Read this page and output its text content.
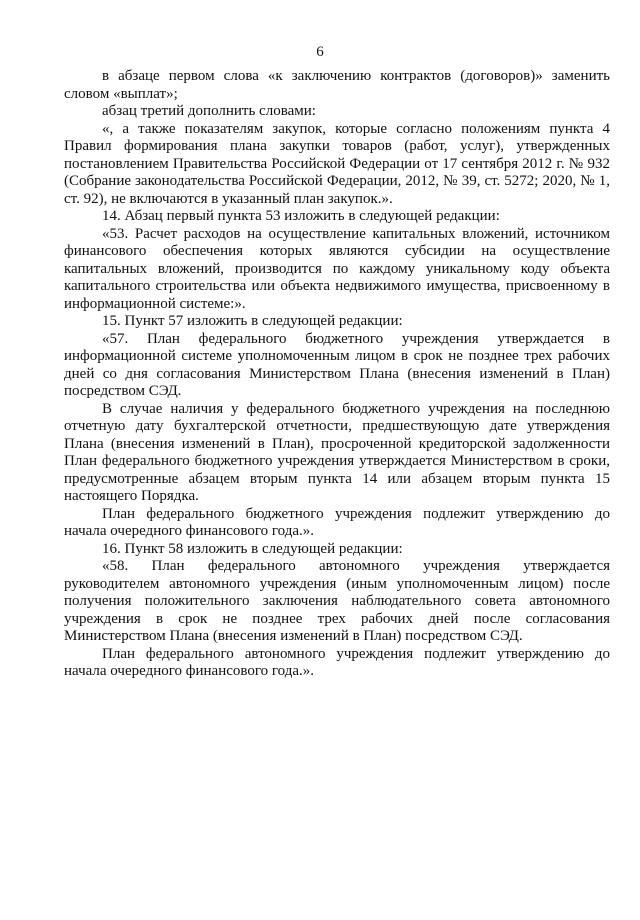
6

в абзаце первом слова «к заключению контрактов (договоров)» заменить словом «выплат»;

абзац третий дополнить словами:

«, а также показателям закупок, которые согласно положениям пункта 4 Правил формирования плана закупки товаров (работ, услуг), утвержденных постановлением Правительства Российской Федерации от 17 сентября 2012 г. № 932 (Собрание законодательства Российской Федерации, 2012, № 39, ст. 5272; 2020, № 1, ст. 92), не включаются в указанный план закупок.».

14. Абзац первый пункта 53 изложить в следующей редакции:

«53. Расчет расходов на осуществление капитальных вложений, источником финансового обеспечения которых являются субсидии на осуществление капитальных вложений, производится по каждому уникальному коду объекта капитального строительства или объекта недвижимого имущества, присвоенному в информационной системе:».

15. Пункт 57 изложить в следующей редакции:

«57. План федерального бюджетного учреждения утверждается в информационной системе уполномоченным лицом в срок не позднее трех рабочих дней со дня согласования Министерством Плана (внесения изменений в План) посредством СЭД.

В случае наличия у федерального бюджетного учреждения на последнюю отчетную дату бухгалтерской отчетности, предшествующую дате утверждения Плана (внесения изменений в План), просроченной кредиторской задолженности План федерального бюджетного учреждения утверждается Министерством в сроки, предусмотренные абзацем вторым пункта 14 или абзацем вторым пункта 15 настоящего Порядка.

План федерального бюджетного учреждения подлежит утверждению до начала очередного финансового года.».

16. Пункт 58 изложить в следующей редакции:

«58. План федерального автономного учреждения утверждается руководителем автономного учреждения (иным уполномоченным лицом) после получения положительного заключения наблюдательного совета автономного учреждения в срок не позднее трех рабочих дней после согласования Министерством Плана (внесения изменений в План) посредством СЭД.

План федерального автономного учреждения подлежит утверждению до начала очередного финансового года.».
